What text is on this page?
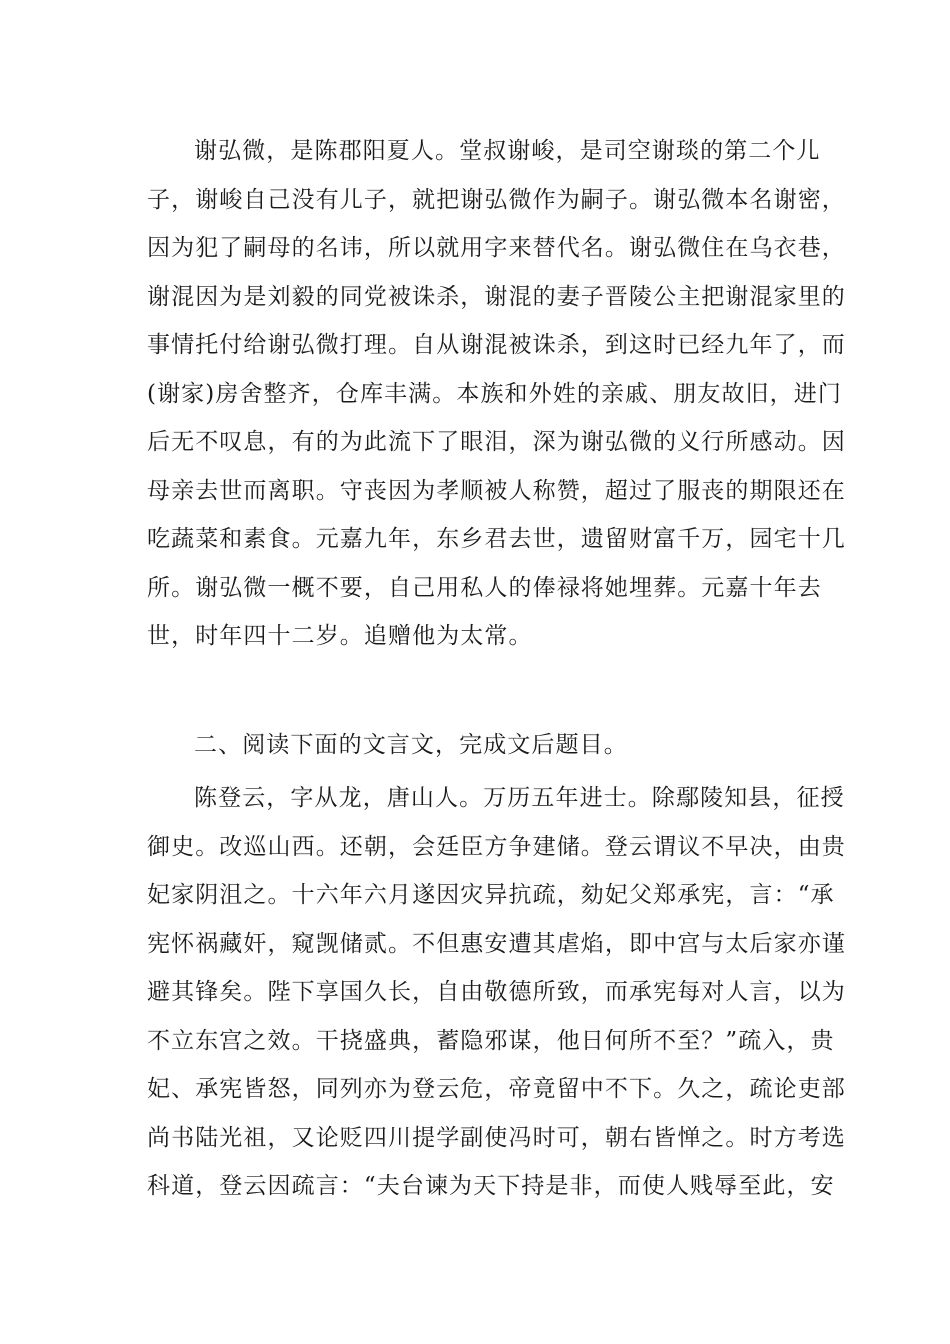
谢弘微，是陈郡阳夏人。堂叔谢峻，是司空谢琰的第二个儿
子，谢峻自己没有儿子，就把谢弘微作为嗣子。谢弘微本名谢密，
因为犯了嗣母的名讳，所以就用字来替代名。谢弘微住在乌衣巷，
谢混因为是刘毅的同党被诛杀，谢混的妻子晋陵公主把谢混家里的
事情托付给谢弘微打理。自从谢混被诛杀，到这时已经九年了，而
(谢家)房舍整齐，仓库丰满。本族和外姓的亲戚、朋友故旧，进门
后无不叹息，有的为此流下了眼泪，深为谢弘微的义行所感动。因
母亲去世而离职。守丧因为孝顺被人称赞，超过了服丧的期限还在
吃蔬菜和素食。元嘉九年，东乡君去世，遗留财富千万，园宅十几
所。谢弘微一概不要，自己用私人的俸禄将她埋葬。元嘉十年去
世，时年四十二岁。追赠他为太常。
二、阅读下面的文言文，完成文后题目。
陈登云，字从龙，唐山人。万历五年进士。除鄢陵知县，征授
御史。改巡山西。还朝，会廷臣方争建储。登云谓议不早决，由贵
妃家阴沮之。十六年六月遂因灾异抗疏，劾妃父郑承宪，言：“承
宪怀祸藏奸，窥觊储贰。不但惠安遭其虐焰，即中宫与太后家亦谨
避其锋矣。陛下享国久长，自由敬德所致，而承宪每对人言，以为
不立东宫之效。干挠盛典，蓄隐邪谋，他日何所不至？”疏入，贵
妃、承宪皆怒，同列亦为登云危，帝竟留中不下。久之，疏论吏部
尚书陆光祖，又论贬四川提学副使冯时可，朝右皆惮之。时方考选
科道，登云因疏言：“夫台谏为天下持是非，而使人贱辱至此，安
